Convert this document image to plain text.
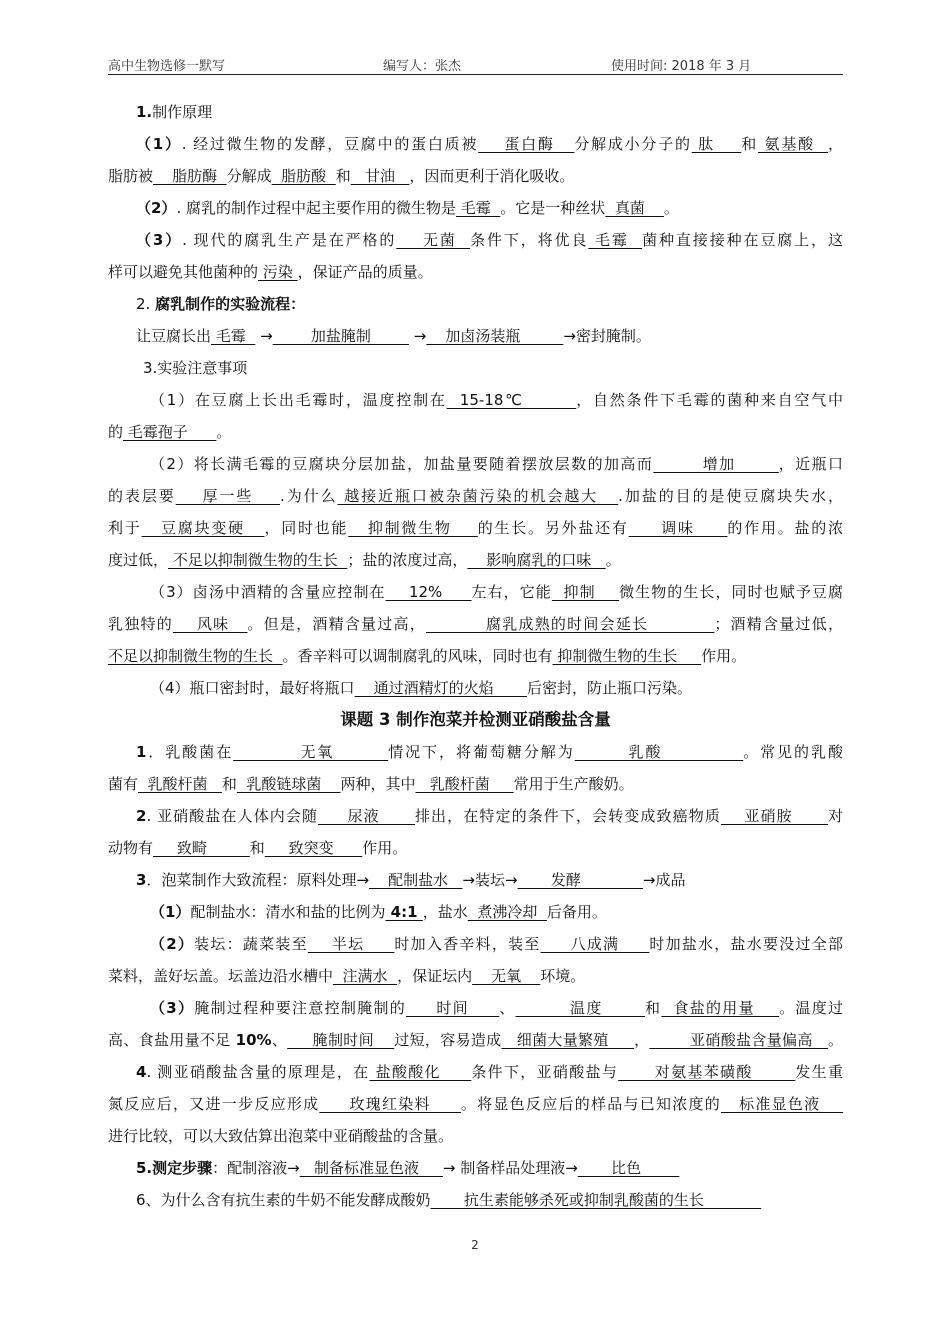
高中生物选修一默写	编写人：张杰	使用时间: 2018 年 3 月
1.制作原理
（1）. 经过微生物的发酵，豆腐中的蛋白质被    蛋白酶   分解成小分子的 肽    和 氨基酸  ，
脂肪被    脂肪酶  分解成  脂肪酸  和   甘油   ，因而更利于消化吸收。
（2）. 腐乳的制作过程中起主要作用的微生物是 毛霉  。它是一种丝状  真菌    。
（3）. 现代的腐乳生产是在严格的    无菌  条件下，将优良 毛霉  菌种直接接种在豆腐上，这
样可以避免其他菌种的 污染 ，保证产品的质量。
2. 腐乳制作的实验流程：
让豆腐长出 毛霉   →        加盐腌制         →    加卤汤装瓶         →密封腌制。
3.实验注意事项
（1）在豆腐上长出毛霉时，温度控制在  15-18℃        ，自然条件下毛霉的菌种来自空气中
的 毛霉孢子      。
（2）将长满毛霉的豆腐块分层加盐，加盐量要随着摆放层数的加高而        增加       ，近瓶口
的表层要    厚一些    .为什么 越接近瓶口被杂菌污染的机会越大   .加盐的目的是使豆腐块失水，
利于   豆腐块变硬   ，同时也能   抑制微生物    的生长。另外盐还有     调味     的作用。盐的浓
度过低， 不足以抑制微生物的生长  ；盐的浓度过高，    影响腐乳的口味   。
（3）卤汤中酒精的含量应控制在    12%     左右，它能  抑制    微生物的生长，同时也赋予豆腐
乳独特的    风味   。但是，酒精含量过高，          腐乳成熟的时间会延长           ；酒精含量过低，
不足以抑制微生物的生长  。香辛料可以调制腐乳的风味，同时也有 抑制微生物的生长     作用。
（4）瓶口密封时，最好将瓶口    通过酒精灯的火焰       后密封，防止瓶口污染。
课题 3 制作泡菜并检测亚硝酸盐含量
1．乳酸菌在          无氧        情况下，将葡萄糖分解为        乳酸            。常见的乳酸
菌有  乳酸杆菌   和  乳酸链球菌    两种，其中   乳酸杆菌     常用于生产酸奶。
2. 亚硝酸盐在人体内会随     尿液      排出，在特定的条件下，会转变成致癌物质    亚硝胺      对
动物有     致畸         和     致突变      作用。
3．泡菜制作大致流程：原料处理→    配制盐水   →装坛→       发酵             →成品
（1）配制盐水：清水和盐的比例为 4:1 ，盐水  煮沸冷却  后备用。
（2）装坛：蔬菜装至    半坛     时加入香辛料，装至     八成满     时加盐水，盐水要没过全部
菜料，盖好坛盖。坛盖边沿水槽中  注满水  ，保证坛内    无氧    环境。
（3）腌制过程种要注意控制腌制的     时间     、         温度       和  食盐的用量    。温度过
高、食盐用量不足 10%、     腌制时间    过短，容易造成   细菌大量繁殖     ，        亚硝酸盐含量偏高   。
4. 测亚硝酸盐含量的原理是，在 盐酸酸化     条件下，亚硝酸盐与      对氨基苯磺酸       发生重
氮反应后，又进一步反应形成     玫瑰红染料     。将显色反应后的样品与已知浓度的   标准显色液
进行比较，可以大致估算出泡菜中亚硝酸盐的含量。
5.测定步骤：配制溶液→   制备标准显色液     → 制备样品处理液→       比色
6、为什么含有抗生素的牛奶不能发酵成酸奶       抗生素能够杀死或抑制乳酸菌的生长
2
